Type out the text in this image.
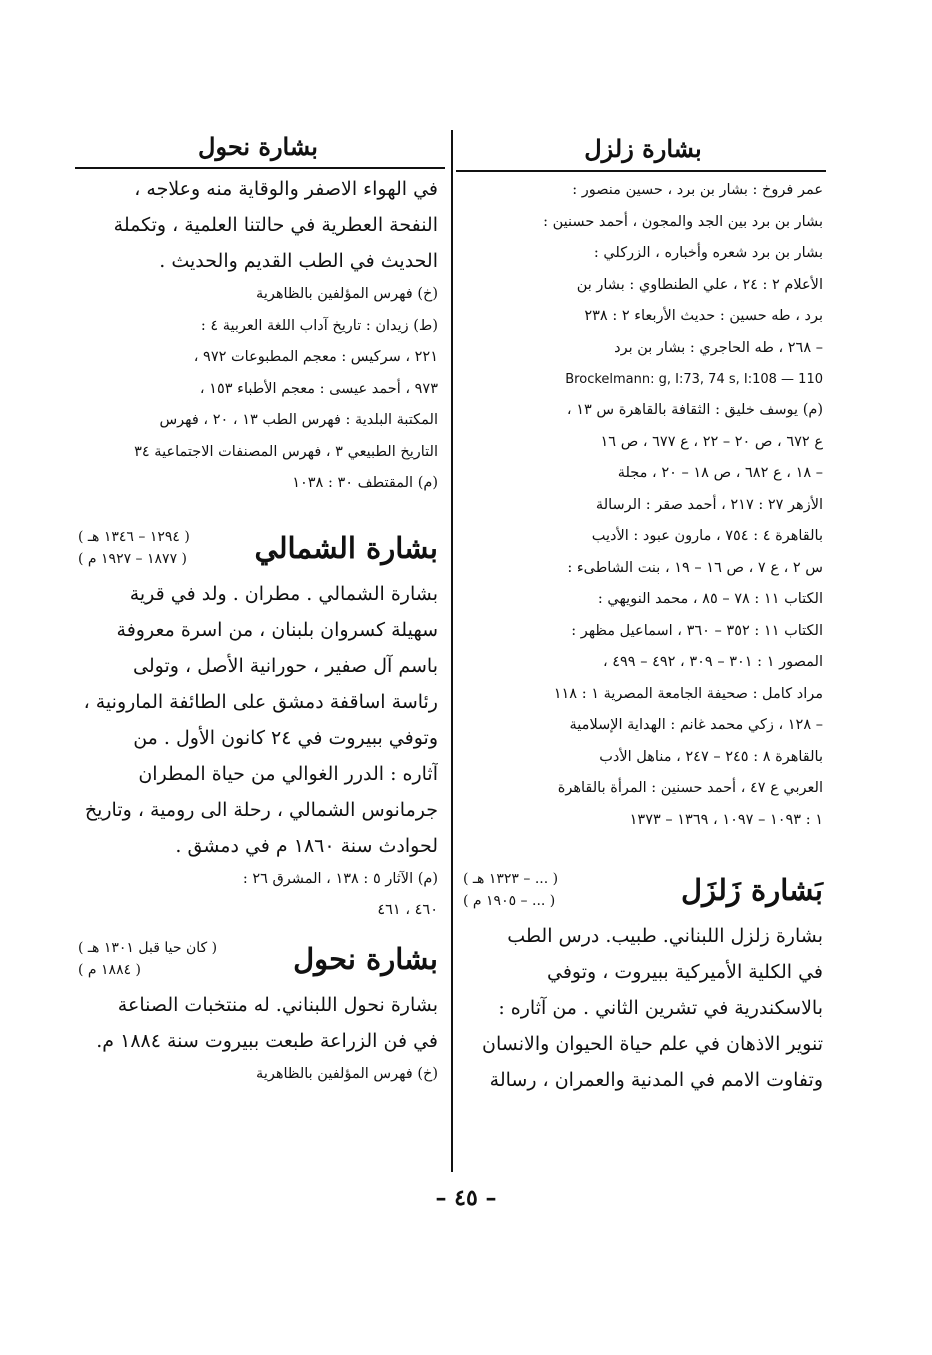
بشارة زلزل
عمر فروخ : بشار بن برد ، حسين منصور :
بشار بن برد بين الجد والمجون ، أحمد حسنين :
بشار بن برد شعره وأخباره ، الزركلي :
الأعلام ٢ : ٢٤ ، علي الطنطاوي : بشار بن
برد ، طه حسين : حديث الأربعاء ٢ : ٢٣٨
– ٢٦٨ ، طه الحاجري : بشار بن برد
Brockelmann: g, I:73, 74 s, I:108 — 110
(م) يوسف خليق : الثقافة بالقاهرة س ١٣ ،
ع ٦٧٢ ، ص ٢٠ – ٢٢ ، ع ٦٧٧ ، ص ١٦
– ١٨ ، ع ٦٨٢ ، ص ١٨ – ٢٠ ، مجلة
الأزهر ٢٧ : ٢١٧ ، أحمد صقر : الرسالة
بالقاهرة ٤ : ٧٥٤ ، مارون عبود : الأديب
س ٢ ، ع ٧ ، ص ١٦ – ١٩ ، بنت الشاطىء :
الكتاب ١١ : ٧٨ – ٨٥ ، محمد النويهي :
الكتاب ١١ : ٣٥٢ – ٣٦٠ ، اسماعيل مظهر :
المصور ١ : ٣٠١ – ٣٠٩ ، ٤٩٢ – ٤٩٩ ،
مراد كامل : صحيفة الجامعة المصرية ١ : ١١٨
– ١٢٨ ، زكي محمد غانم : الهداية الإسلامية
بالقاهرة ٨ : ٢٤٥ – ٢٤٧ ، مناهل الأدب
العربي ع ٤٧ ، أحمد حسنين : المرأة بالقاهرة
١ : ١٠٩٣ – ١٠٩٧ ، ١٣٦٩ – ١٣٧٣
بَشارة زَلزَل
( ... – ١٣٢٣ هـ )
( ... – ١٩٠٥ م )
بشارة زلزل اللبناني. طبيب. درس الطب
في الكلية الأميركية ببيروت ، وتوفي
بالاسكندرية في تشرين الثاني . من آثاره :
تنوير الاذهان في علم حياة الحيوان والانسان
وتفاوت الامم في المدنية والعمران ، رسالة
بشارة نحول
في الهواء الاصفر والوقاية منه وعلاجه ،
النفحة العطرية في حالتنا العلمية ، وتكملة
الحديث في الطب القديم والحديث .
(خ) فهرس المؤلفين بالظاهرية
(ط) زيدان : تاريخ آداب اللغة العربية ٤ :
٢٢١ ، سركيس : معجم المطبوعات ٩٧٢ ،
٩٧٣ ، أحمد عيسى : معجم الأطباء ١٥٣ ،
المكتبة البلدية : فهرس الطب ١٣ ، ٢٠ ، فهرس
التاريخ الطبيعي ٣ ، فهرس المصنفات الاجتماعية ٣٤
(م) المقتطف ٣٠ : ١٠٣٨
بشارة الشمالي
( ١٢٩٤ – ١٣٤٦ هـ )
( ١٨٧٧ – ١٩٢٧ م )
بشارة الشمالي . مطران . ولد في قرية
سهيلة كسروان بلبنان ، من اسرة معروفة
باسم آل صفير ، حورانية الأصل ، وتولى
رئاسة اساقفة دمشق على الطائفة المارونية ،
وتوفي ببيروت في ٢٤ كانون الأول . من
آثاره : الدرر الغوالي من حياة المطران
جرمانوس الشمالي ، رحلة الى رومية ، وتاريخ
لحوادث سنة ١٨٦٠ م في دمشق .
(م) الآثار ٥ : ١٣٨ ، المشرق ٢٦ :
٤٦٠ ، ٤٦١
بشارة نحول
( كان حيا قبل ١٣٠١ هـ )
( ١٨٨٤ م )
بشارة نحول اللبناني. له منتخبات الصناعة
في فن الزراعة طبعت ببيروت سنة ١٨٨٤ م.
(خ) فهرس المؤلفين بالظاهرية
– ٤٥ –
